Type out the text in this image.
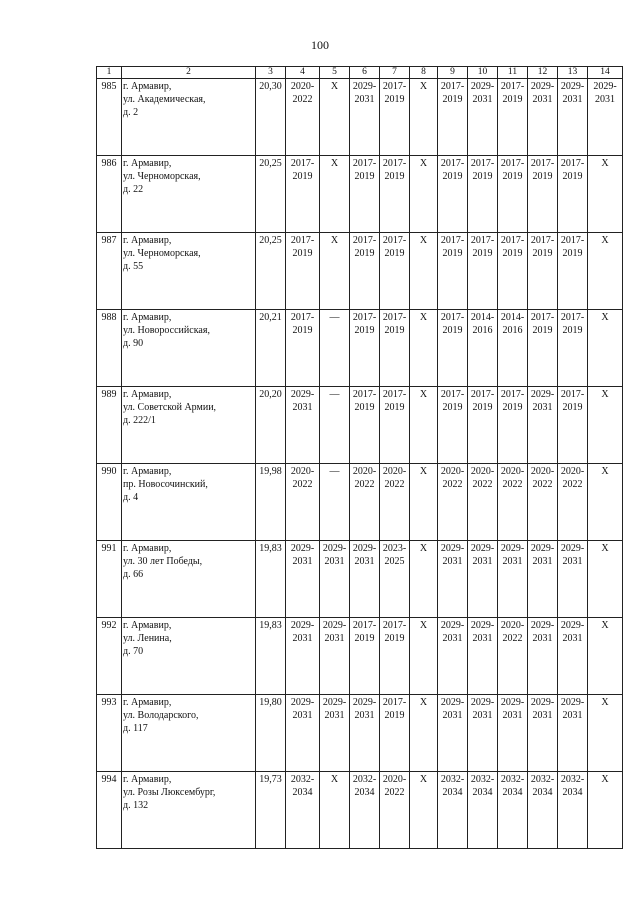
100
1	2	3	4	5	6	7	8	9	10	11	12	13	14
985	г. Армавир,
ул. Академическая,
д. 2	20,30	2020-
2022	X	2029-
2031	2017-
2019	X	2017-
2019	2029-
2031	2017-
2019	2029-
2031	2029-
2031	2029-
2031

986	г. Армавир,
ул. Черноморская,
д. 22	20,25	2017-
2019	X	2017-
2019	2017-
2019	X	2017-
2019	2017-
2019	2017-
2019	2017-
2019	2017-
2019	X

987	г. Армавир,
ул. Черноморская,
д. 55	20,25	2017-
2019	X	2017-
2019	2017-
2019	X	2017-
2019	2017-
2019	2017-
2019	2017-
2019	2017-
2019	X

988	г. Армавир,
ул. Новороссийская,
д. 90	20,21	2017-
2019	—	2017-
2019	2017-
2019	X	2017-
2019	2014-
2016	2014-
2016	2017-
2019	2017-
2019	X

989	г. Армавир,
ул. Советской Армии,
д. 222/1	20,20	2029-
2031	—	2017-
2019	2017-
2019	X	2017-
2019	2017-
2019	2017-
2019	2029-
2031	2017-
2019	X

990	г. Армавир,
пр. Новосочинский,
д. 4	19,98	2020-
2022	—	2020-
2022	2020-
2022	X	2020-
2022	2020-
2022	2020-
2022	2020-
2022	2020-
2022	X

991	г. Армавир,
ул. 30 лет Победы,
д. 66	19,83	2029-
2031	2029-
2031	2029-
2031	2023-
2025	X	2029-
2031	2029-
2031	2029-
2031	2029-
2031	2029-
2031	X

992	г. Армавир,
ул. Ленина,
д. 70	19,83	2029-
2031	2029-
2031	2017-
2019	2017-
2019	X	2029-
2031	2029-
2031	2020-
2022	2029-
2031	2029-
2031	X

993	г. Армавир,
ул. Володарского,
д. 117	19,80	2029-
2031	2029-
2031	2029-
2031	2017-
2019	X	2029-
2031	2029-
2031	2029-
2031	2029-
2031	2029-
2031	X

994	г. Армавир,
ул. Розы Люксембург,
д. 132	19,73	2032-
2034	X	2032-
2034	2020-
2022	X	2032-
2034	2032-
2034	2032-
2034	2032-
2034	2032-
2034	X
